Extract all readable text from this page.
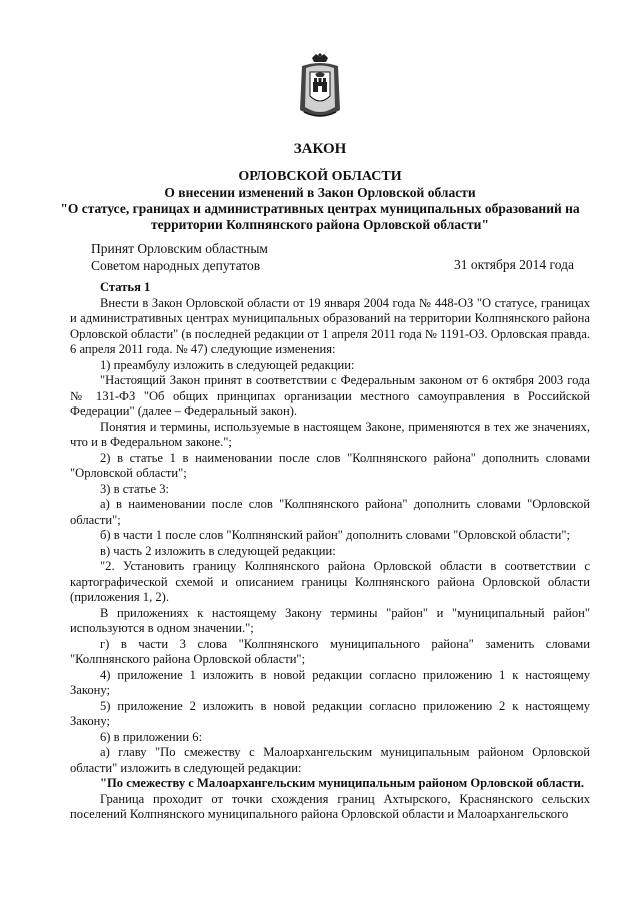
ЗАКОН
ОРЛОВСКОЙ ОБЛАСТИ
О внесении изменений в Закон Орловской области
"О статусе, границах и административных центрах муниципальных образований на
территории Колпнянского района Орловской области"
Принят Орловским областным
Советом народных депутатов	31 октября 2014 года

Статья 1

Внести в Закон Орловской области от 19 января 2004 года № 448-ОЗ "О статусе, границах и административных центрах муниципальных образований на территории Колпнянского района Орловской области" (в последней редакции от 1 апреля 2011 года № 1191-ОЗ. Орловская правда. 6 апреля 2011 года. № 47) следующие изменения:

1) преамбулу изложить в следующей редакции:

"Настоящий Закон принят в соответствии с Федеральным законом от 6 октября 2003 года № 131-ФЗ "Об общих принципах организации местного самоуправления в Российской Федерации" (далее – Федеральный закон).

Понятия и термины, используемые в настоящем Законе, применяются в тех же значениях, что и в Федеральном законе.";

2) в статье 1 в наименовании после слов "Колпнянского района" дополнить словами "Орловской области";

3) в статье 3:

а) в наименовании после слов "Колпнянского района" дополнить словами "Орловской области";

б) в части 1 после слов "Колпнянский район" дополнить словами "Орловской области";

в) часть 2 изложить в следующей редакции:

"2. Установить границу Колпнянского района Орловской области в соответствии с картографической схемой и описанием границы Колпнянского района Орловской области (приложения 1, 2).

В приложениях к настоящему Закону термины "район" и "муниципальный район" используются в одном значении.";

г) в части 3 слова "Колпнянского муниципального района" заменить словами "Колпнянского района Орловской области";

4) приложение 1 изложить в новой редакции согласно приложению 1 к настоящему Закону;

5) приложение 2 изложить в новой редакции согласно приложению 2 к настоящему Закону;

6) в приложении 6:

а) главу "По смежеству с Малоархангельским муниципальным районом Орловской области" изложить в следующей редакции:

"По смежеству с Малоархангельским муниципальным районом Орловской области.

Граница проходит от точки схождения границ Ахтырского, Краснянского сельских поселений Колпнянского муниципального района Орловской области и Малоархангельского
